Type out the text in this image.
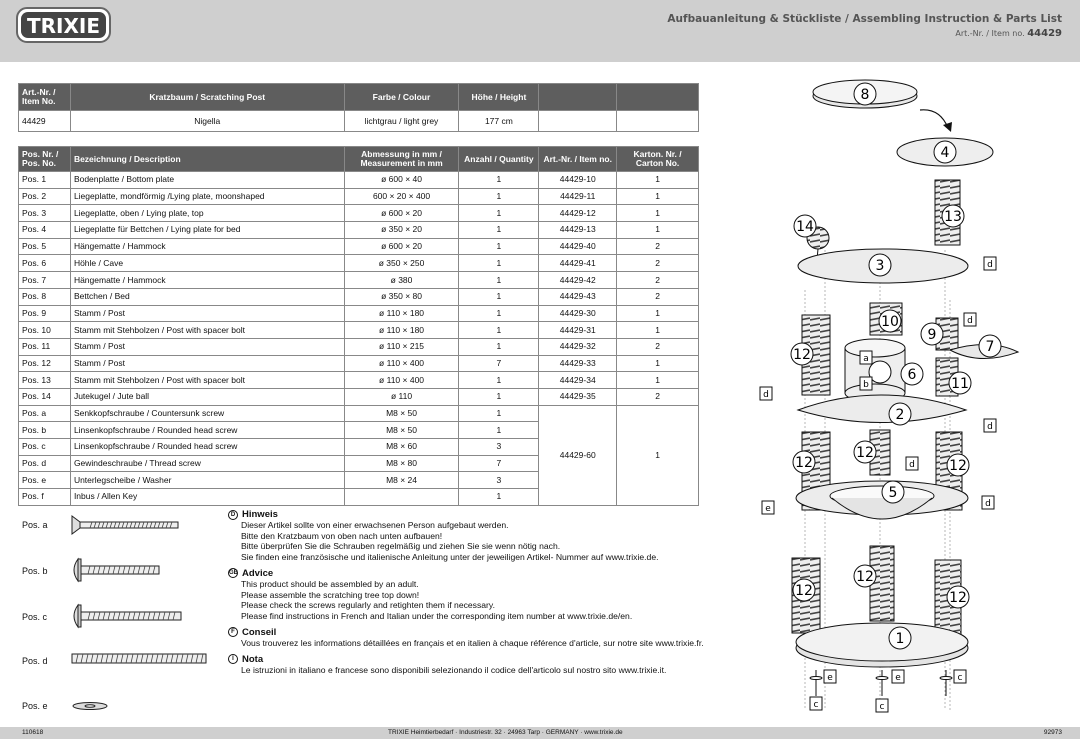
TRIXIE	Aufbauanleitung & Stückliste / Assembling Instruction & Parts List
Art.-Nr. / Item no. 44429
Art.-Nr. / Item No.	Kratzbaum / Scratching Post	Farbe / Colour	Höhe / Height		
44429	Nigella	lichtgrau / light grey	177 cm		
Pos. Nr. / Pos. No.	Bezeichnung / Description	Abmessung in mm / Measurement in mm	Anzahl / Quantity	Art.-Nr. / Item no.	Karton. Nr. / Carton No.
Pos. 1	Bodenplatte / Bottom plate	ø 600 × 40	1	44429-10	1
Pos. 2	Liegeplatte, mondförmig /Lying plate, moonshaped	600 × 20 × 400	1	44429-11	1
Pos. 3	Liegeplatte, oben / Lying plate, top	ø 600 × 20	1	44429-12	1
Pos. 4	Liegeplatte für Bettchen / Lying plate for bed	ø 350 × 20	1	44429-13	1
Pos. 5	Hängematte / Hammock	ø 600 × 20	1	44429-40	2
Pos. 6	Höhle / Cave	ø 350 × 250	1	44429-41	2
Pos. 7	Hängematte / Hammock	ø 380	1	44429-42	2
Pos. 8	Bettchen / Bed	ø 350 × 80	1	44429-43	2
Pos. 9	Stamm / Post	ø 110 × 180	1	44429-30	1
Pos. 10	Stamm mit Stehbolzen / Post with spacer bolt	ø 110 × 180	1	44429-31	1
Pos. 11	Stamm / Post	ø 110 × 215	1	44429-32	2
Pos. 12	Stamm / Post	ø 110 × 400	7	44429-33	1
Pos. 13	Stamm mit Stehbolzen / Post with spacer bolt	ø 110 × 400	1	44429-34	1
Pos. 14	Jutekugel / Jute ball	ø 110	1	44429-35	2
Pos. a	Senkkopfschraube / Countersunk screw	M8 × 50	1	44429-60	1
Pos. b	Linsenkopfschraube / Rounded head screw	M8 × 50	1		
Pos. c	Linsenkopfschraube / Rounded head screw	M8 × 60	3		
Pos. d	Gewindeschraube / Thread screw	M8 × 80	7		
Pos. e	Unterlegscheibe / Washer	M8 × 24	3		
Pos. f	Inbus / Allen Key		1		
Pos. a
Pos. b
Pos. c
Pos. d
Pos. e
D Hinweis
Dieser Artikel sollte von einer erwachsenen Person aufgebaut werden.
Bitte den Kratzbaum von oben nach unten aufbauen!
Bitte überprüfen Sie die Schrauben regelmäßig und ziehen Sie sie wenn nötig nach.
Sie finden eine französische und italienische Anleitung unter der jeweiligen Artikel- Nummer auf www.trixie.de.
GB Advice
This product should be assembled by an adult.
Please assemble the scratching tree top down!
Please check the screws regularly and retighten them if necessary.
Please find instructions in French and Italian under the corresponding item number at www.trixie.de/en.
F Conseil
Vous trouverez les informations détaillées en français et en italien à chaque référence d'article, sur notre site www.trixie.fr.
I Nota
Le istruzioni in italiano e francese sono disponibili selezionando il codice dell'articolo sul nostro sito www.trixie.it.
8
4
13
14
3
10
9
7
12
6
11
2
12
12
12
5
12
12
12
1
d
d
a
b
d
d
d
d
e
e	e	c
c	c
110618	TRIXIE Heimtierbedarf · Industriestr. 32 · 24963 Tarp · GERMANY · www.trixie.de	92973
